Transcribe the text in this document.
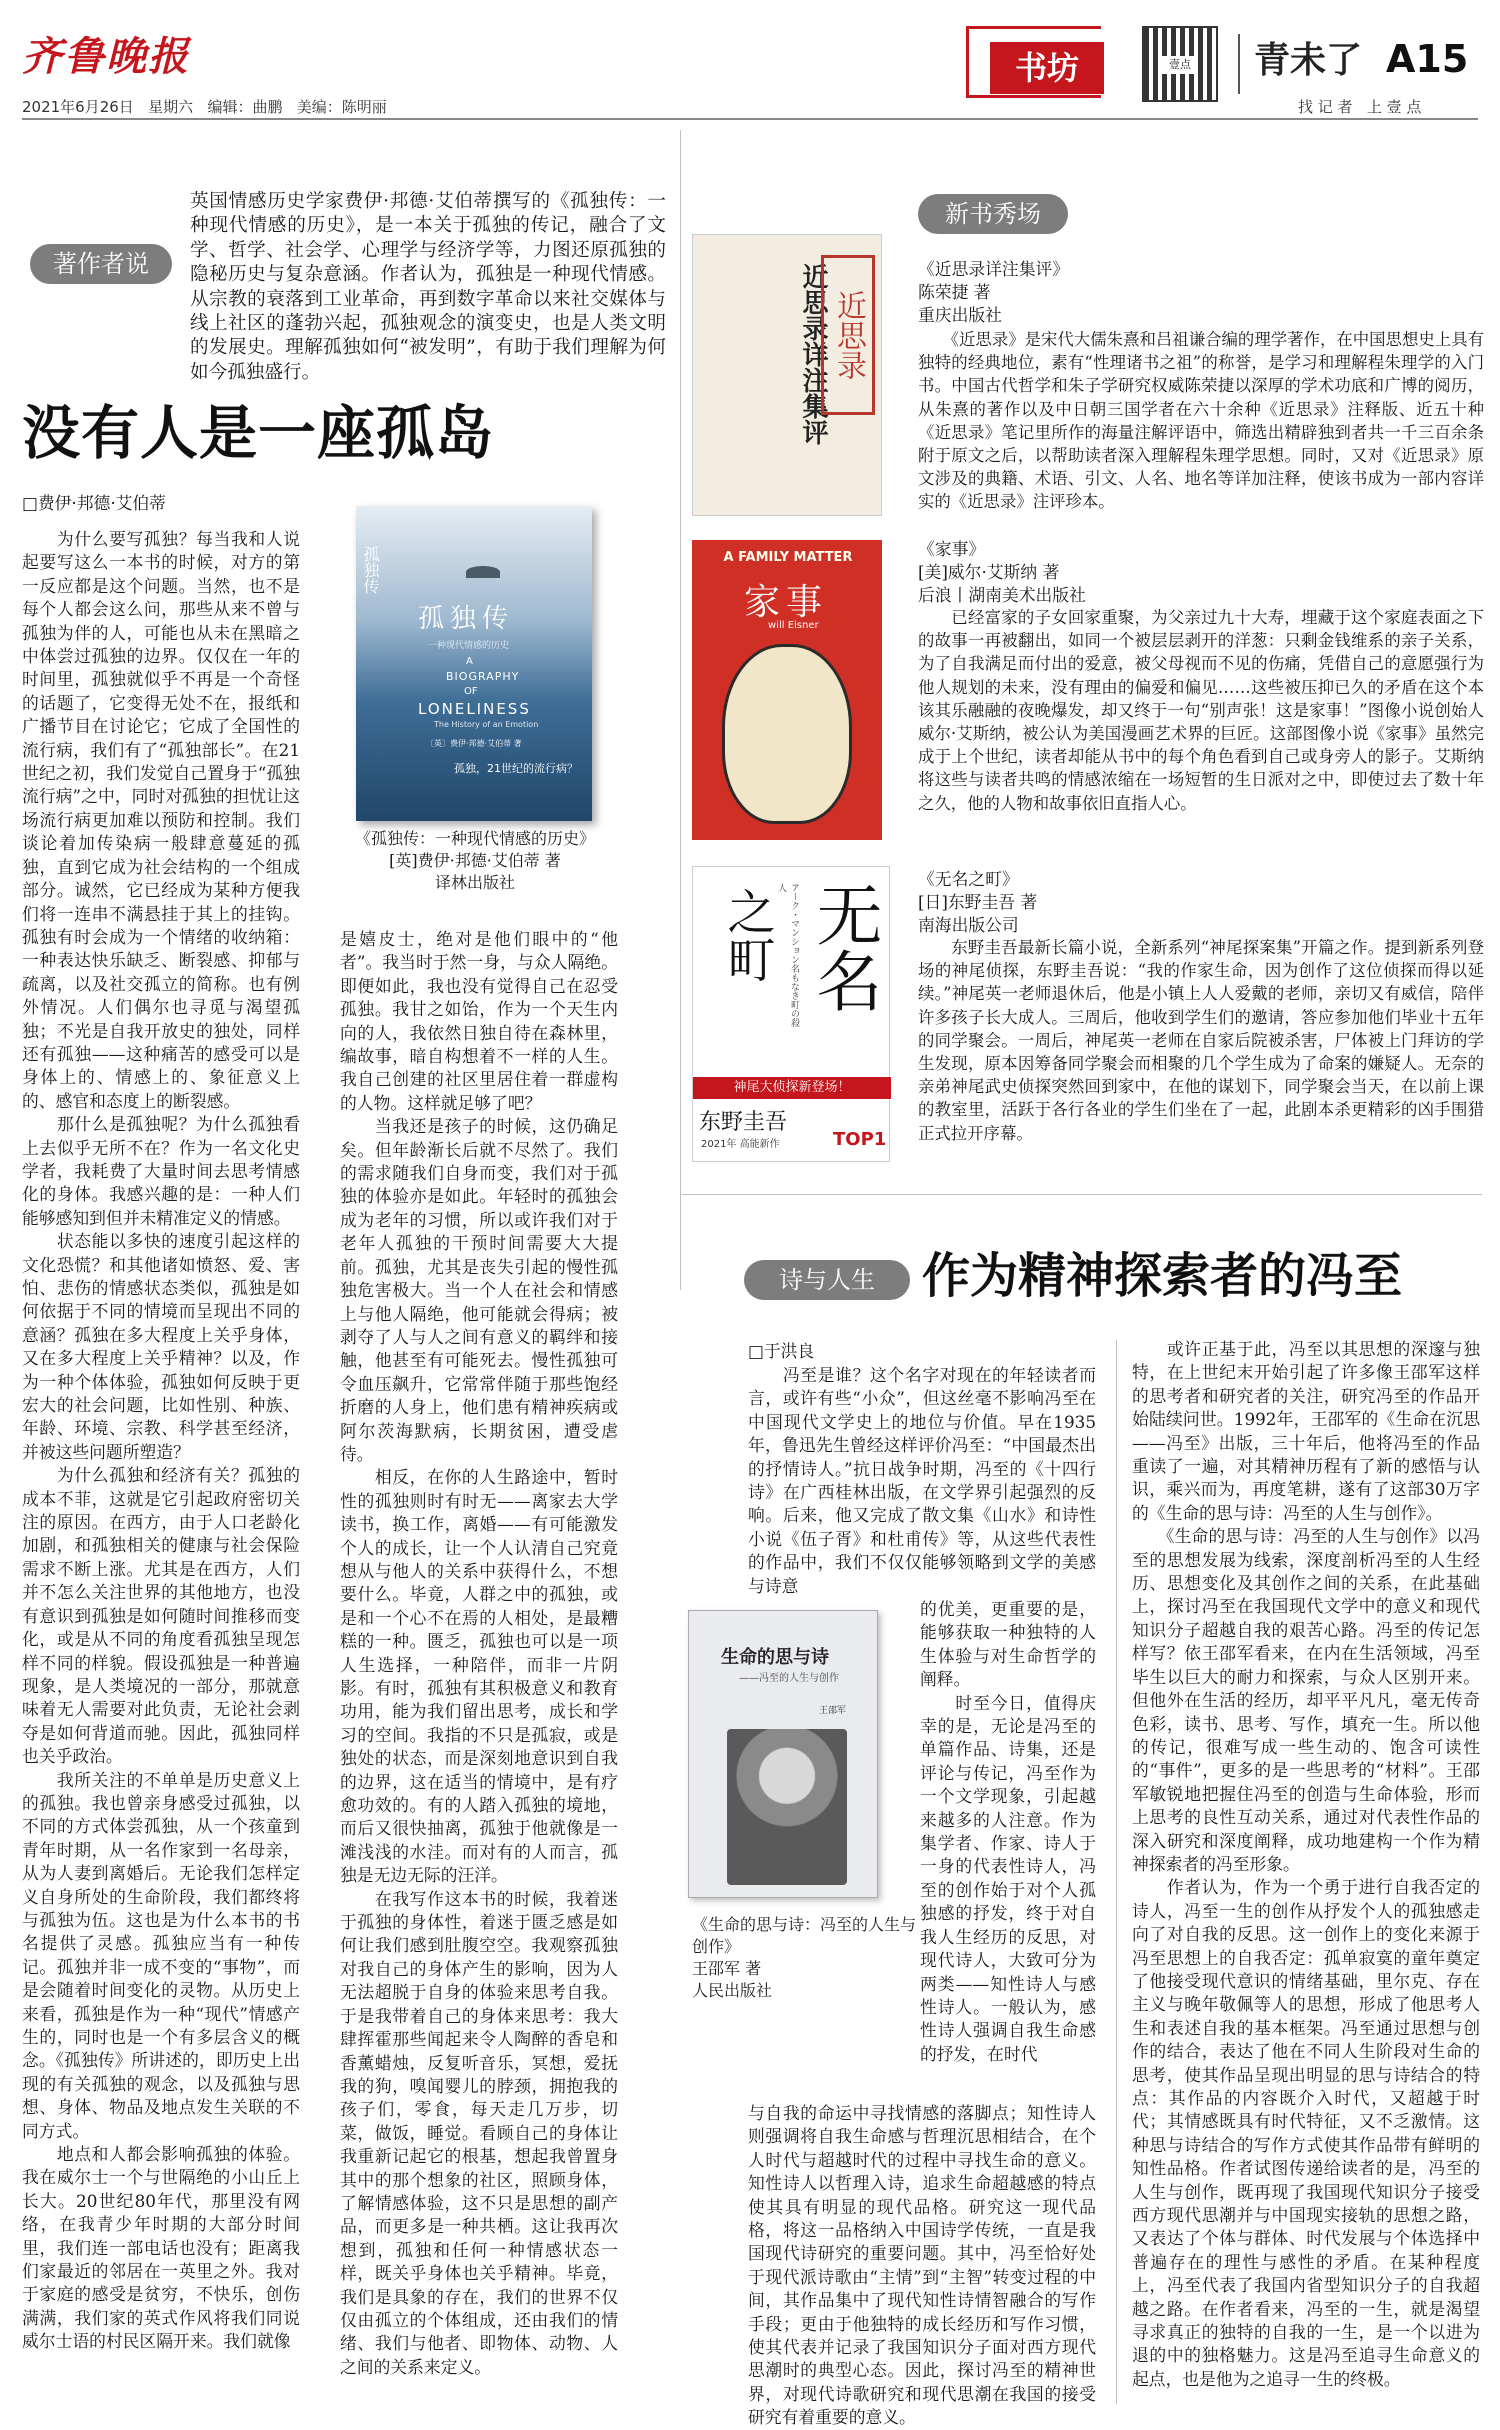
齐鲁晚报
2021年6月26日 星期六 编辑：曲鹏 美编：陈明丽
书坊	壹点 青未了 A15
找 记 者   上 壹 点
著作者说
英国情感历史学家费伊·邦德·艾伯蒂撰写的《孤独传：一种现代情感的历史》，是一本关于孤独的传记，融合了文学、哲学、社会学、心理学与经济学等，力图还原孤独的隐秘历史与复杂意涵。作者认为，孤独是一种现代情感。从宗教的衰落到工业革命，再到数字革命以来社交媒体与线上社区的蓬勃兴起，孤独观念的演变史，也是人类文明的发展史。理解孤独如何“被发明”，有助于我们理解为何如今孤独盛行。
没有人是一座孤岛
□费伊·邦德·艾伯蒂
孤独传
一种现代情感的历史
A
BIOGRAPHY
OF
LONELINESS
The History of an Emotion
〔英〕费伊·邦德·艾伯蒂 著
孤独，21世纪的流行病？
孤独传
《孤独传：一种现代情感的历史》
[英]费伊·邦德·艾伯蒂 著
译林出版社
　　为什么要写孤独？每当我和人说起要写这么一本书的时候，对方的第一反应都是这个问题。当然，也不是每个人都会这么问，那些从来不曾与孤独为伴的人，可能也从未在黑暗之中体尝过孤独的边界。仅仅在一年的时间里，孤独就似乎不再是一个奇怪的话题了，它变得无处不在，报纸和广播节目在讨论它；它成了全国性的流行病，我们有了“孤独部长”。在21世纪之初，我们发觉自己置身于“孤独流行病”之中，同时对孤独的担忧让这场流行病更加难以预防和控制。我们谈论着加传染病一般肆意蔓延的孤独，直到它成为社会结构的一个组成部分。诚然，它已经成为某种方便我们将一连串不满悬挂于其上的挂钩。孤独有时会成为一个情绪的收纳箱：一种表达快乐缺乏、断裂感、抑郁与疏离，以及社交孤立的简称。也有例外情况。人们偶尔也寻觅与渴望孤独；不光是自我开放史的独处，同样还有孤独——这种痛苦的感受可以是身体上的、情感上的、象征意义上的、感官和态度上的断裂感。
　　那什么是孤独呢？为什么孤独看上去似乎无所不在？作为一名文化史学者，我耗费了大量时间去思考情感化的身体。我感兴趣的是：一种人们能够感知到但并未精准定义的情感。
　　状态能以多快的速度引起这样的文化恐慌？和其他诸如愤怒、爱、害怕、悲伤的情感状态类似，孤独是如何依据于不同的情境而呈现出不同的意涵？孤独在多大程度上关乎身体，又在多大程度上关乎精神？以及，作为一种个体体验，孤独如何反映于更宏大的社会问题，比如性别、种族、年龄、环境、宗教、科学甚至经济，并被这些问题所塑造？
　　为什么孤独和经济有关？孤独的成本不菲，这就是它引起政府密切关注的原因。在西方，由于人口老龄化加剧，和孤独相关的健康与社会保险需求不断上涨。尤其是在西方，人们并不怎么关注世界的其他地方，也没有意识到孤独是如何随时间推移而变化，或是从不同的角度看孤独呈现怎样不同的样貌。假设孤独是一种普遍现象，是人类境况的一部分，那就意味着无人需要对此负责，无论社会剥夺是如何背道而驰。因此，孤独同样也关乎政治。
　　我所关注的不单单是历史意义上的孤独。我也曾亲身感受过孤独，以不同的方式体尝孤独，从一个孩童到青年时期，从一名作家到一名母亲，从为人妻到离婚后。无论我们怎样定义自身所处的生命阶段，我们都终将与孤独为伍。这也是为什么本书的书名提供了灵感。孤独应当有一种传记。孤独并非一成不变的“事物”，而是会随着时间变化的灵物。从历史上来看，孤独是作为一种“现代”情感产生的，同时也是一个有多层含义的概念。《孤独传》所讲述的，即历史上出现的有关孤独的观念，以及孤独与思想、身体、物品及地点发生关联的不同方式。
　　地点和人都会影响孤独的体验。我在威尔士一个与世隔绝的小山丘上长大。20世纪80年代，那里没有网络，在我青少年时期的大部分时间里，我们连一部电话也没有；距离我们家最近的邻居在一英里之外。我对于家庭的感受是贫穷，不快乐，创伤满满，我们家的英式作风将我们同说威尔士语的村民区隔开来。我们就像
是嬉皮士，绝对是他们眼中的“他者”。我当时于然一身，与众人隔绝。即便如此，我也没有觉得自己在忍受孤独。我甘之如饴，作为一个天生内向的人，我依然日独自待在森林里，编故事，暗自构想着不一样的人生。我自己创建的社区里居住着一群虚构的人物。这样就足够了吧？
　　当我还是孩子的时候，这仍确足矣。但年龄渐长后就不尽然了。我们的需求随我们自身而变，我们对于孤独的体验亦是如此。年轻时的孤独会成为老年的习惯，所以或许我们对于老年人孤独的干预时间需要大大提前。孤独，尤其是丧失引起的慢性孤独危害极大。当一个人在社会和情感上与他人隔绝，他可能就会得病；被剥夺了人与人之间有意义的羁绊和接触，他甚至有可能死去。慢性孤独可令血压飙升，它常常伴随于那些饱经折磨的人身上，他们患有精神疾病或阿尔茨海默病，长期贫困，遭受虐待。
　　相反，在你的人生路途中，暂时性的孤独则时有时无——离家去大学读书，换工作，离婚——有可能激发个人的成长，让一个人认清自己究竟想从与他人的关系中获得什么，不想要什么。毕竟，人群之中的孤独，或是和一个心不在焉的人相处，是最糟糕的一种。匮乏，孤独也可以是一项人生选择，一种陪伴，而非一片阴影。有时，孤独有其积极意义和教育功用，能为我们留出思考，成长和学习的空间。我指的不只是孤寂，或是独处的状态，而是深刻地意识到自我的边界，这在适当的情境中，是有疗愈功效的。有的人踏入孤独的境地，而后又很快抽离，孤独于他就像是一滩浅浅的水洼。而对有的人而言，孤独是无边无际的汪洋。
　　在我写作这本书的时候，我着迷于孤独的身体性，着迷于匮乏感是如何让我们感到肚腹空空。我观察孤独对我自己的身体产生的影响，因为人无法超脱于自身的体验来思考自我。于是我带着自己的身体来思考：我大肆挥霍那些闻起来令人陶醉的香皂和香薰蜡烛，反复听音乐，冥想，爱抚我的狗，嗅闻婴儿的脖颈，拥抱我的孩子们，零食，每天走几万步，切菜，做饭，睡觉。看顾自己的身体让我重新记起它的根基，想起我曾置身其中的那个想象的社区，照顾身体，了解情感体验，这不只是思想的副产品，而更多是一种共栖。这让我再次想到，孤独和任何一种情感状态一样，既关乎身体也关乎精神。毕竟，我们是具象的存在，我们的世界不仅仅由孤立的个体组成，还由我们的情绪、我们与他者、即物体、动物、人之间的关系来定义。
新书秀场
近思录详注集评 近思录
《近思录详注集评》
陈荣捷 著
重庆出版社
　　《近思录》是宋代大儒朱熹和吕祖谦合编的理学著作，在中国思想史上具有独特的经典地位，素有“性理诸书之祖”的称誉，是学习和理解程朱理学的入门书。中国古代哲学和朱子学研究权威陈荣捷以深厚的学术功底和广博的阅历，从朱熹的著作以及中日朝三国学者在六十余种《近思录》注释版、近五十种《近思录》笔记里所作的海量注解评语中，筛选出精辟独到者共一千三百余条附于原文之后，以帮助读者深入理解程朱理学思想。同时，又对《近思录》原文涉及的典籍、术语、引文、人名、地名等详加注释，使该书成为一部内容详实的《近思录》注评珍本。
A FAMILY MATTER
家事
will Eisner
《家事》
[美]威尔·艾斯纳 著
后浪丨湖南美术出版社
　　已经富家的子女回家重聚，为父亲过九十大寿，埋藏于这个家庭表面之下的故事一再被翻出，如同一个被层层剥开的洋葱：只剩金钱维系的亲子关系，为了自我满足而付出的爱意，被父母视而不见的伤痛，凭借自己的意愿强行为他人规划的未来，没有理由的偏爱和偏见……这些被压抑已久的矛盾在这个本该其乐融融的夜晚爆发，却又终于一句“别声张！这是家事！”图像小说创始人威尔·艾斯纳，被公认为美国漫画艺术界的巨匠。这部图像小说《家事》虽然完成于上个世纪，读者却能从书中的每个角色看到自己或身旁人的影子。艾斯纳将这些与读者共鸣的情感浓缩在一场短暂的生日派对之中，即使过去了数十年之久，他的人物和故事依旧直指人心。
无名
之町	アーク・マンション名もなき町の殺人
神尾大侦探新登场！
东野圭吾
2021年 高能新作	TOP1
《无名之町》
[日]东野圭吾 著
南海出版公司
　　东野圭吾最新长篇小说，全新系列“神尾探案集”开篇之作。提到新系列登场的神尾侦探，东野圭吾说：“我的作家生命，因为创作了这位侦探而得以延续。”神尾英一老师退休后，他是小镇上人人爱戴的老师，亲切又有威信，陪伴许多孩子长大成人。三周后，他收到学生们的邀请，答应参加他们毕业十五年的同学聚会。一周后，神尾英一老师在自家后院被杀害，尸体被上门拜访的学生发现，原本因筹备同学聚会而相聚的几个学生成为了命案的嫌疑人。无奈的亲弟神尾武史侦探突然回到家中，在他的谋划下，同学聚会当天，在以前上课的教室里，活跃于各行各业的学生们坐在了一起，此剧本杀更精彩的凶手围猎正式拉开序幕。
诗与人生 作为精神探索者的冯至
□于洪良
　　冯至是谁？这个名字对现在的年轻读者而言，或许有些“小众”，但这丝毫不影响冯至在中国现代文学史上的地位与价值。早在1935年，鲁迅先生曾经这样评价冯至：“中国最杰出的抒情诗人。”抗日战争时期，冯至的《十四行诗》在广西桂林出版，在文学界引起强烈的反响。后来，他又完成了散文集《山水》和诗性小说《伍子胥》和杜甫传》等，从这些代表性的作品中，我们不仅仅能够领略到文学的美感与诗意
生命的思与诗
——冯至的人生与创作
王邵军
《生命的思与诗：冯至的人生与创作》
王邵军 著
人民出版社
的优美，更重要的是，能够获取一种独特的人生体验与对生命哲学的阐释。
　　时至今日，值得庆幸的是，无论是冯至的单篇作品、诗集，还是评论与传记，冯至作为一个文学现象，引起越来越多的人注意。作为集学者、作家、诗人于一身的代表性诗人，冯至的创作始于对个人孤独感的抒发，终于对自我人生经历的反思，对现代诗人，大致可分为两类——知性诗人与感性诗人。一般认为，感性诗人强调自我生命感的抒发，在时代
与自我的命运中寻找情感的落脚点；知性诗人则强调将自我生命感与哲理沉思相结合，在个人时代与超越时代的过程中寻找生命的意义。知性诗人以哲理入诗，追求生命超越感的特点使其具有明显的现代品格。研究这一现代品格，将这一品格纳入中国诗学传统，一直是我国现代诗研究的重要问题。其中，冯至恰好处于现代派诗歌由“主情”到“主智”转变过程的中间，其作品集中了现代知性诗情智融合的写作手段；更由于他独特的成长经历和写作习惯，使其代表并记录了我国知识分子面对西方现代思潮时的典型心态。因此，探讨冯至的精神世界，对现代诗歌研究和现代思潮在我国的接受研究有着重要的意义。
　　或许正基于此，冯至以其思想的深邃与独特，在上世纪末开始引起了许多像王邵军这样的思考者和研究者的关注，研究冯至的作品开始陆续问世。1992年，王邵军的《生命在沉思——冯至》出版，三十年后，他将冯至的作品重读了一遍，对其精神历程有了新的感悟与认识，乘兴而为，再度笔耕，遂有了这部30万字的《生命的思与诗：冯至的人生与创作》。
　　《生命的思与诗：冯至的人生与创作》以冯至的思想发展为线索，深度剖析冯至的人生经历、思想变化及其创作之间的关系，在此基础上，探讨冯至在我国现代文学中的意义和现代知识分子超越自我的艰苦心路。冯至的传记怎样写？依王邵军看来，在内在生活领域，冯至毕生以巨大的耐力和探索，与众人区别开来。但他外在生活的经历，却平平凡凡，毫无传奇色彩，读书、思考、写作，填充一生。所以他的传记，很难写成一些生动的、饱含可读性的“事件”，更多的是一些思考的“材料”。王邵军敏锐地把握住冯至的创造与生命体验，形而上思考的良性互动关系，通过对代表性作品的深入研究和深度阐释，成功地建构一个作为精神探索者的冯至形象。
　　作者认为，作为一个勇于进行自我否定的诗人，冯至一生的创作从抒发个人的孤独感走向了对自我的反思。这一创作上的变化来源于冯至思想上的自我否定：孤单寂寞的童年奠定了他接受现代意识的情绪基础，里尔克、存在主义与晚年敬佩等人的思想，形成了他思考人生和表述自我的基本框架。冯至通过思想与创作的结合，表达了他在不同人生阶段对生命的思考，使其作品呈现出明显的思与诗结合的特点：其作品的内容既介入时代，又超越于时代；其情感既具有时代特征，又不乏激情。这种思与诗结合的写作方式使其作品带有鲜明的知性品格。作者试图传递给读者的是，冯至的人生与创作，既再现了我国现代知识分子接受西方现代思潮并与中国现实接轨的思想之路，又表达了个体与群体、时代发展与个体选择中普遍存在的理性与感性的矛盾。在某种程度上，冯至代表了我国内省型知识分子的自我超越之路。在作者看来，冯至的一生，就是渴望寻求真正的独特的自我的一生，是一个以进为退的中的独格魅力。这是冯至追寻生命意义的起点，也是他为之追寻一生的终极。
